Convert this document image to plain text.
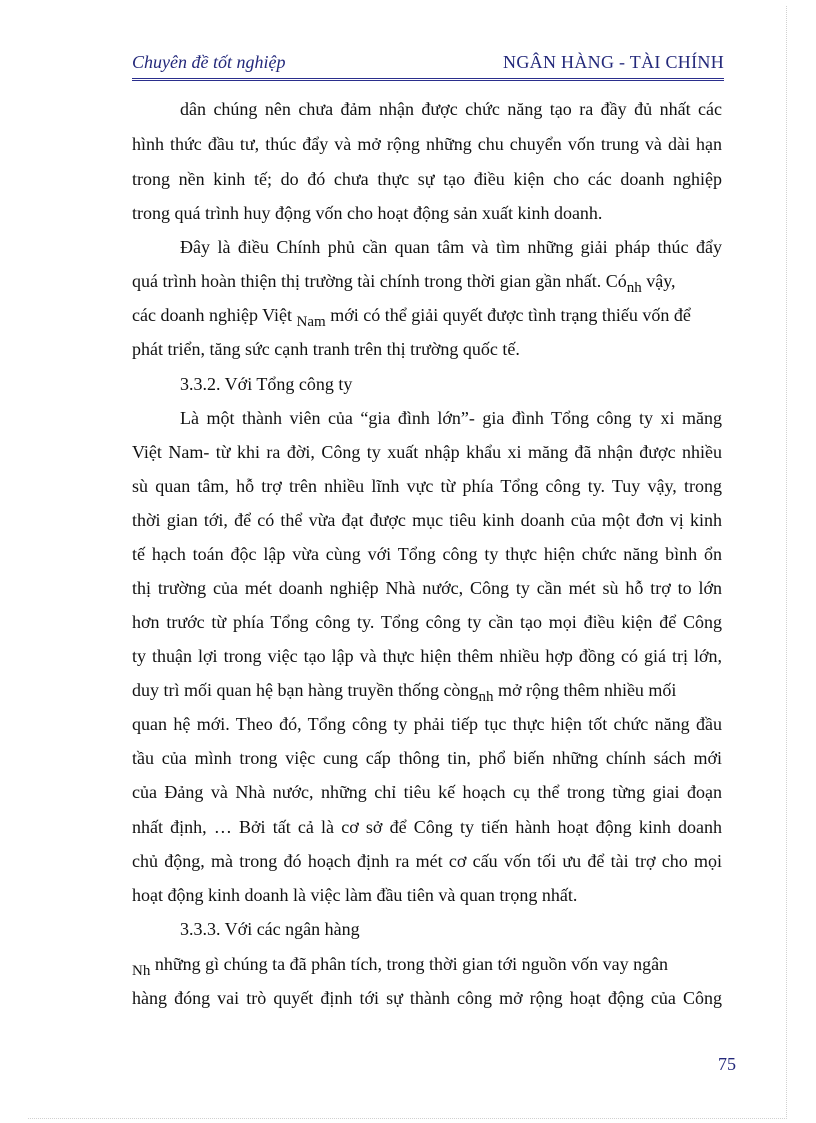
Chuyên đề tốt nghiệp	NGÂN HÀNG - TÀI CHÍNH
dân chúng nên chưa đảm nhận được chức năng tạo ra đầy đủ nhất các
hình thức đầu tư, thúc đẩy và mở rộng những chu chuyển vốn trung và dài hạn
trong nền kinh tế; do đó chưa thực sự tạo điều kiện cho các doanh nghiệp
trong quá trình huy động vốn cho hoạt động sản xuất kinh doanh.
Đây là điều Chính phủ cần quan tâm và tìm những giải pháp thúc đẩy
quá trình hoàn thiện thị trường tài chính trong thời gian gần nhất. $Có_{nh}$ vậy,
các doanh nghiệp Việt $_{Nam}$ mới có thể giải quyết được tình trạng thiếu vốn để
phát triển, tăng sức cạnh tranh trên thị trường quốc tế.
3.3.2. Với Tổng công ty
Là một thành viên của “gia đình lớn”- gia đình Tổng công ty xi măng
Việt Nam- từ khi ra đời, Công ty xuất nhập khẩu xi măng đã nhận được nhiều
sù quan tâm, hỗ trợ trên nhiều lĩnh vực từ phía Tổng công ty. Tuy vậy, trong
thời gian tới, để có thể vừa đạt được mục tiêu kinh doanh của một đơn vị kinh
tế hạch toán độc lập vừa cùng với Tổng công ty thực hiện chức năng bình ổn
thị trường của mét doanh nghiệp Nhà nước, Công ty cần mét sù hỗ trợ to lớn
hơn trước từ phía Tổng công ty. Tổng công ty cần tạo mọi điều kiện để Công
ty thuận lợi trong việc tạo lập và thực hiện thêm nhiều hợp đồng có giá trị lớn,
duy trì mối quan hệ bạn hàng truyền thống còng$_{nh}$ mở rộng thêm nhiều mối
quan hệ mới. Theo đó, Tổng công ty phải tiếp tục thực hiện tốt chức năng đầu
tầu của mình trong việc cung cấp thông tin, phổ biến những chính sách mới
của Đảng và Nhà nước, những chỉ tiêu kế hoạch cụ thể trong từng giai đoạn
nhất định, … Bởi tất cả là cơ sở để Công ty tiến hành hoạt động kinh doanh
chủ động, mà trong đó hoạch định ra mét cơ cấu vốn tối ưu để tài trợ cho mọi
hoạt động kinh doanh là việc làm đầu tiên và quan trọng nhất.
3.3.3. Với các ngân hàng
$_{Nh}$ những gì chúng ta đã phân tích, trong thời gian tới nguồn vốn vay ngân
hàng đóng vai trò quyết định tới sự thành công mở rộng hoạt động của Công
75
